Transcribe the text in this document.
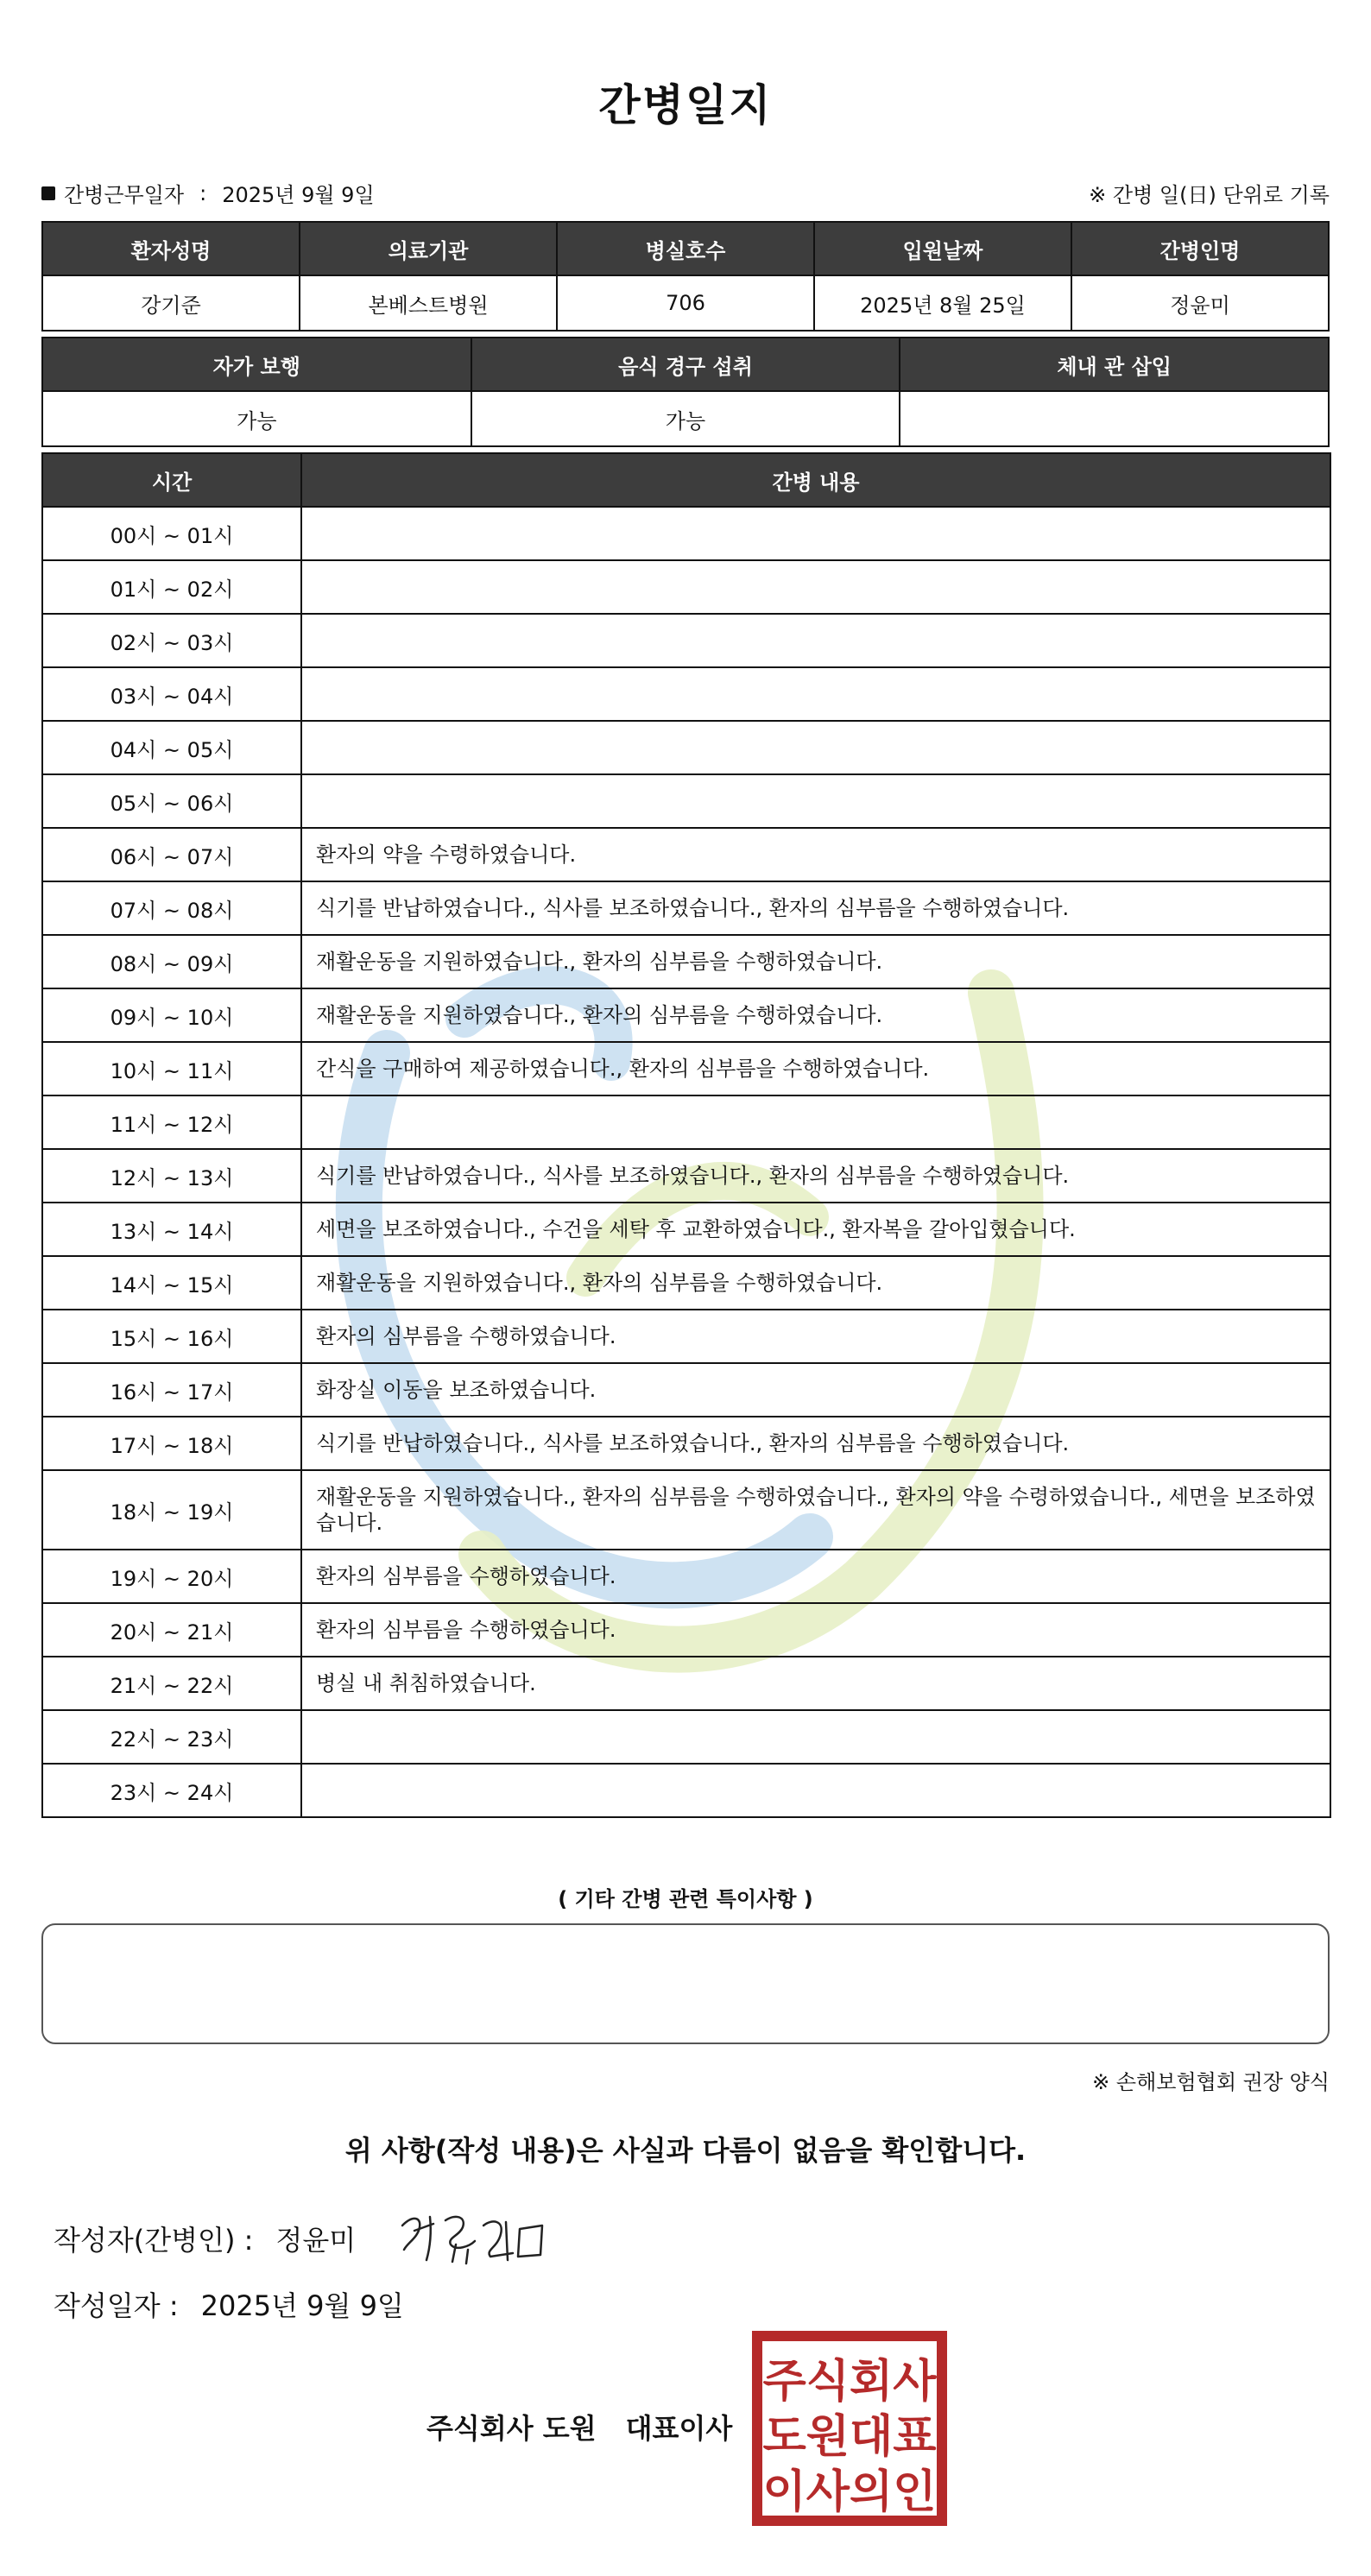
간병일지
간병근무일자 : 2025년 9월 9일	※ 간병 일(日) 단위로 기록
환자성명	의료기관	병실호수	입원날짜	간병인명
강기준	본베스트병원	706	2025년 8월 25일	정윤미
자가 보행	음식 경구 섭취	체내 관 삽입
가능	가능	
시간	간병 내용
00시 ~ 01시	
01시 ~ 02시	
02시 ~ 03시	
03시 ~ 04시	
04시 ~ 05시	
05시 ~ 06시	
06시 ~ 07시	환자의 약을 수령하였습니다.
07시 ~ 08시	식기를 반납하였습니다., 식사를 보조하였습니다., 환자의 심부름을 수행하였습니다.
08시 ~ 09시	재활운동을 지원하였습니다., 환자의 심부름을 수행하였습니다.
09시 ~ 10시	재활운동을 지원하였습니다., 환자의 심부름을 수행하였습니다.
10시 ~ 11시	간식을 구매하여 제공하였습니다., 환자의 심부름을 수행하였습니다.
11시 ~ 12시	
12시 ~ 13시	식기를 반납하였습니다., 식사를 보조하였습니다., 환자의 심부름을 수행하였습니다.
13시 ~ 14시	세면을 보조하였습니다., 수건을 세탁 후 교환하였습니다., 환자복을 갈아입혔습니다.
14시 ~ 15시	재활운동을 지원하였습니다., 환자의 심부름을 수행하였습니다.
15시 ~ 16시	환자의 심부름을 수행하였습니다.
16시 ~ 17시	화장실 이동을 보조하였습니다.
17시 ~ 18시	식기를 반납하였습니다., 식사를 보조하였습니다., 환자의 심부름을 수행하였습니다.
18시 ~ 19시	재활운동을 지원하였습니다., 환자의 심부름을 수행하였습니다., 환자의 약을 수령하였습니다., 세면을 보조하였습니다.
19시 ~ 20시	환자의 심부름을 수행하였습니다.
20시 ~ 21시	환자의 심부름을 수행하였습니다.
21시 ~ 22시	병실 내 취침하였습니다.
22시 ~ 23시	
23시 ~ 24시	
( 기타 간병 관련 특이사항 )
※ 손해보험협회 권장 양식
위 사항(작성 내용)은 사실과 다름이 없음을 확인합니다.
작성자(간병인) : 정윤미
작성일자 : 2025년 9월 9일
주식회사 도원 대표이사
주식회사
도원대표
이사의인
